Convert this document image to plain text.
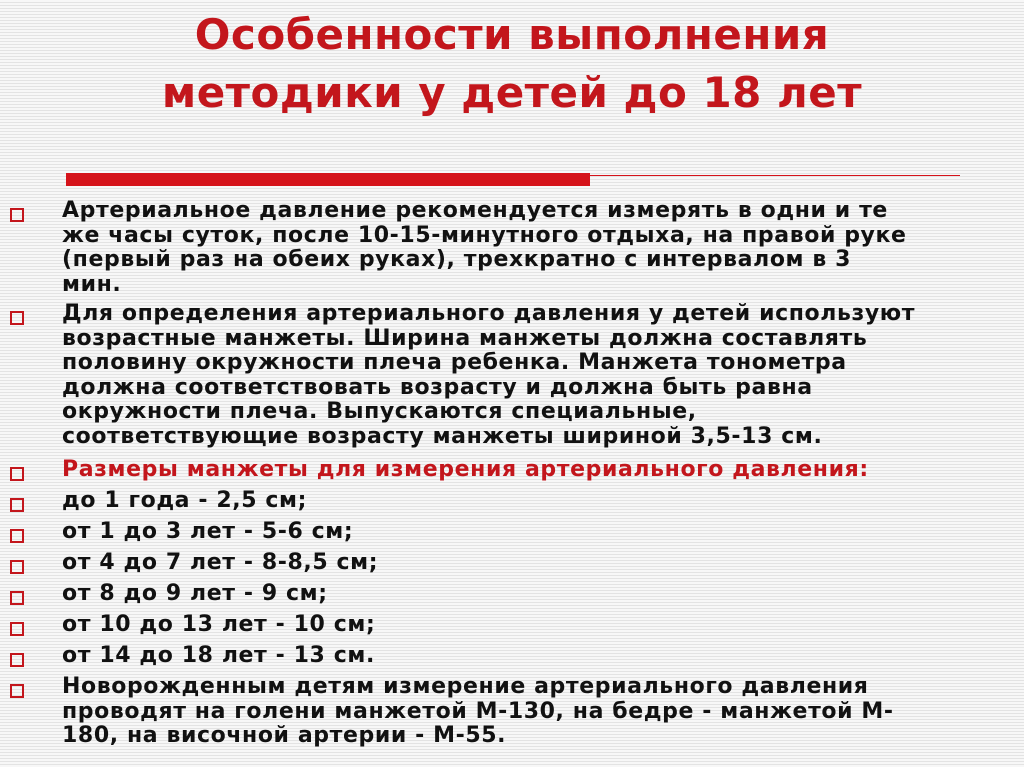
Особенности выполнения
методики у детей до 18 лет
Артериальное давление рекомендуется измерять в одни и те
же часы суток, после 10-15-минутного отдыха, на правой руке
(первый раз на обеих руках), трехкратно с интервалом в 3
мин.
Для определения артериального давления у детей используют
возрастные манжеты. Ширина манжеты должна составлять
половину окружности плеча ребенка. Манжета тонометра
должна соответствовать возрасту и должна быть равна
окружности плеча. Выпускаются специальные,
соответствующие возрасту манжеты шириной 3,5-13 см.
Размеры манжеты для измерения артериального давления:
до 1 года - 2,5 см;
от 1 до 3 лет - 5-6 см;
от 4 до 7 лет - 8-8,5 см;
от 8 до 9 лет - 9 см;
от 10 до 13 лет - 10 см;
от 14 до 18 лет - 13 см.
Новорожденным детям измерение артериального давления
проводят на голени манжетой М-130, на бедре - манжетой М-
180, на височной артерии - М-55.
